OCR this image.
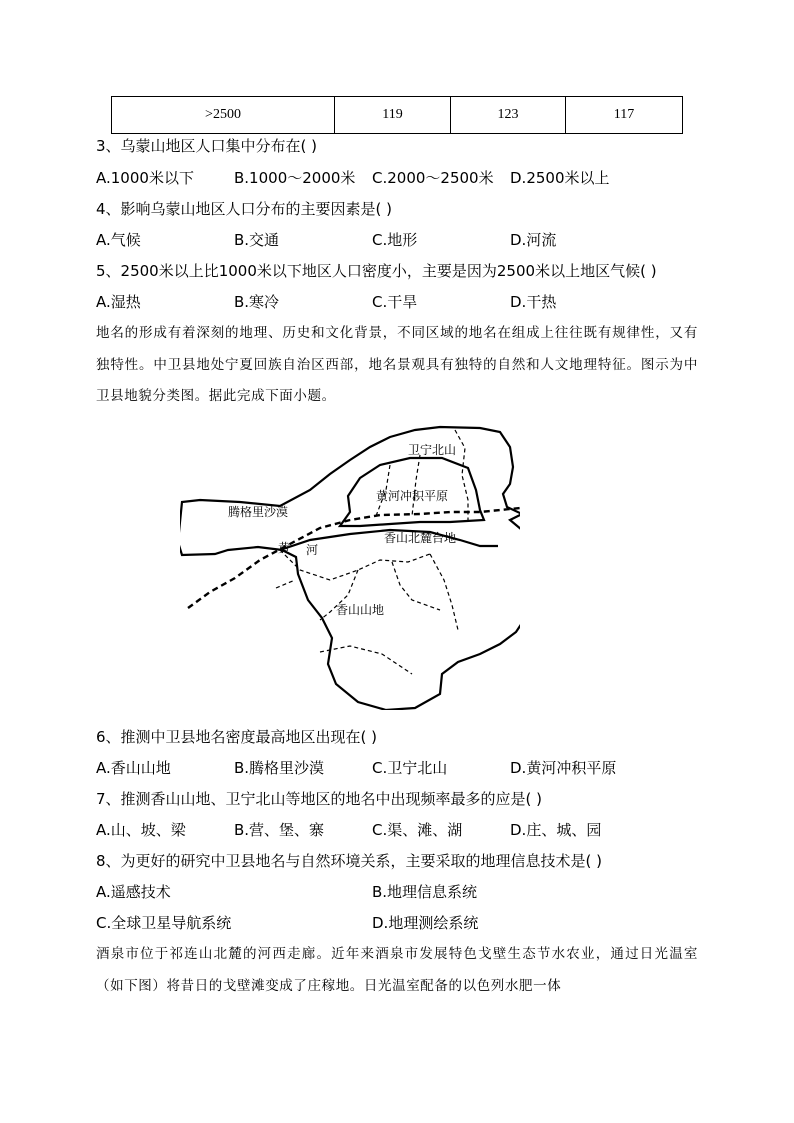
>2500	119	123	117
3、乌蒙山地区人口集中分布在( )
A.1000米以下	B.1000～2000米 C.2000～2500米 D.2500米以上
4、影响乌蒙山地区人口分布的主要因素是( )
A.气候	B.交通	C.地形	D.河流
5、2500米以上比1000米以下地区人口密度小，主要是因为2500米以上地区气候( )
A.湿热	B.寒冷	C.干旱	D.干热
地名的形成有着深刻的地理、历史和文化背景，不同区域的地名在组成上往往既有规律性，又有独特性。中卫县地处宁夏回族自治区西部，地名景观具有独特的自然和人文地理特征。图示为中卫县地貌分类图。据此完成下面小题。
卫宁北山
黄河冲积平原
腾格里沙漠
香山北麓台地
黄 河
香山山地
6、推测中卫县地名密度最高地区出现在( )
A.香山山地	B.腾格里沙漠	C.卫宁北山	D.黄河冲积平原
7、推测香山山地、卫宁北山等地区的地名中出现频率最多的应是( )
A.山、坡、梁	B.营、堡、寨	C.渠、滩、湖	D.庄、城、园
8、为更好的研究中卫县地名与自然环境关系，主要采取的地理信息技术是( )
A.遥感技术	B.地理信息系统
C.全球卫星导航系统	D.地理测绘系统
酒泉市位于祁连山北麓的河西走廊。近年来酒泉市发展特色戈壁生态节水农业，通过日光温室（如下图）将昔日的戈壁滩变成了庄稼地。日光温室配备的以色列水肥一体
